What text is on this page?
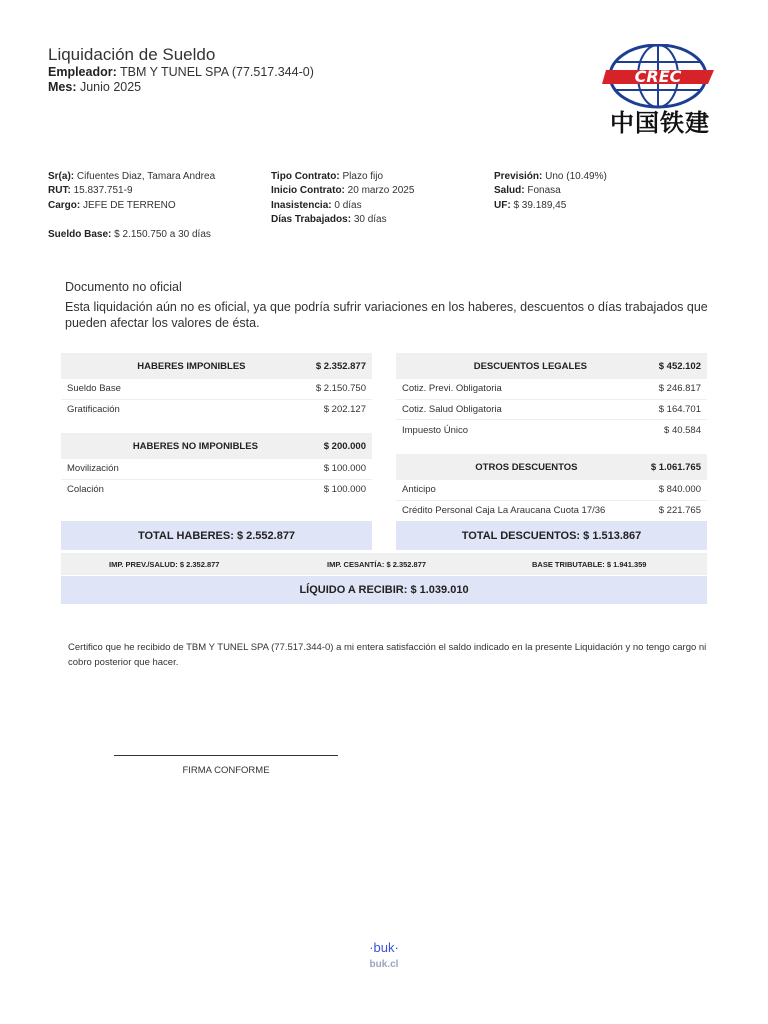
Liquidación de Sueldo
Empleador: TBM Y TUNEL SPA (77.517.344-0)
Mes: Junio 2025
CREC
中国铁建
Sr(a): Cifuentes Diaz, Tamara Andrea
RUT: 15.837.751-9
Cargo: JEFE DE TERRENO
Sueldo Base: $ 2.150.750 a 30 días
Tipo Contrato: Plazo fijo
Inicio Contrato: 20 marzo 2025
Inasistencia: 0 días
Días Trabajados: 30 días
Previsión: Uno (10.49%)
Salud: Fonasa
UF: $ 39.189,45
Documento no oficial
Esta liquidación aún no es oficial, ya que podría sufrir variaciones en los haberes, descuentos o días trabajados que pueden afectar los valores de ésta.
HABERES IMPONIBLES	$ 2.352.877
Sueldo Base	$ 2.150.750
Gratificación	$ 202.127
HABERES NO IMPONIBLES	$ 200.000
Movilización	$ 100.000
Colación	$ 100.000
DESCUENTOS LEGALES	$ 452.102
Cotiz. Previ. Obligatoria	$ 246.817
Cotiz. Salud Obligatoria	$ 164.701
Impuesto Único	$ 40.584
OTROS DESCUENTOS	$ 1.061.765
Anticipo	$ 840.000
Crédito Personal Caja La Araucana Cuota 17/36	$ 221.765
TOTAL HABERES: $ 2.552.877	TOTAL DESCUENTOS: $ 1.513.867
IMP. PREV./SALUD: $ 2.352.877	IMP. CESANTÍA: $ 2.352.877	BASE TRIBUTABLE: $ 1.941.359
LÍQUIDO A RECIBIR: $ 1.039.010
Certifico que he recibido de TBM Y TUNEL SPA (77.517.344-0) a mi entera satisfacción el saldo indicado en la presente Liquidación y no tengo cargo ni cobro posterior que hacer.
FIRMA CONFORME
·buk·
buk.cl
